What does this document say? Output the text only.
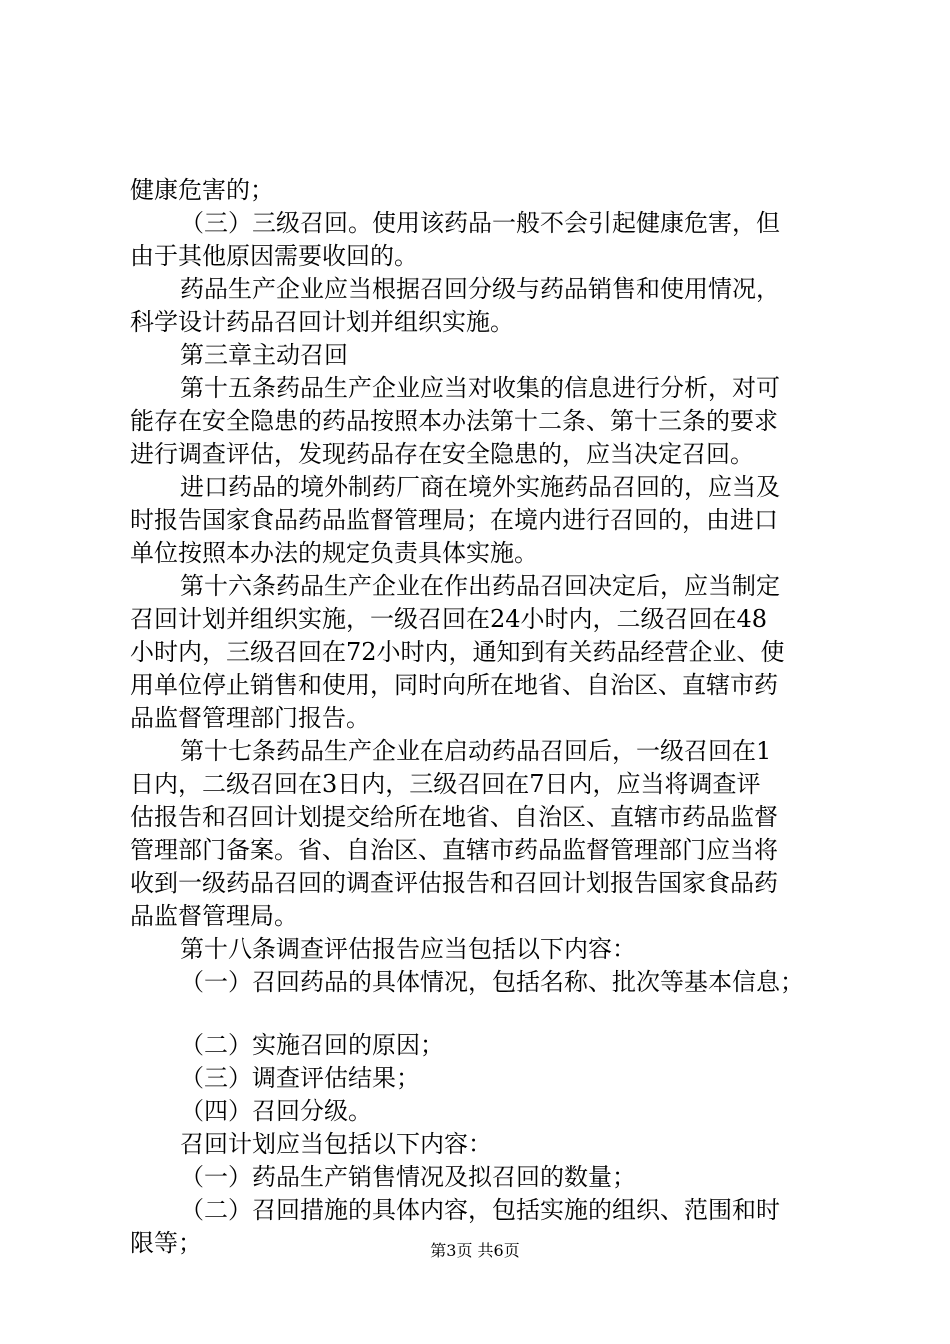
健康危害的；
（三）三级召回。使用该药品一般不会引起健康危害，但
由于其他原因需要收回的。
药品生产企业应当根据召回分级与药品销售和使用情况，
科学设计药品召回计划并组织实施。
第三章主动召回
第十五条药品生产企业应当对收集的信息进行分析，对可
能存在安全隐患的药品按照本办法第十二条、第十三条的要求
进行调查评估，发现药品存在安全隐患的，应当决定召回。
进口药品的境外制药厂商在境外实施药品召回的，应当及
时报告国家食品药品监督管理局；在境内进行召回的，由进口
单位按照本办法的规定负责具体实施。
第十六条药品生产企业在作出药品召回决定后，应当制定
召回计划并组织实施，一级召回在24小时内，二级召回在48
小时内，三级召回在72小时内，通知到有关药品经营企业、使
用单位停止销售和使用，同时向所在地省、自治区、直辖市药
品监督管理部门报告。
第十七条药品生产企业在启动药品召回后，一级召回在1
日内，二级召回在3日内，三级召回在7日内，应当将调查评
估报告和召回计划提交给所在地省、自治区、直辖市药品监督
管理部门备案。省、自治区、直辖市药品监督管理部门应当将
收到一级药品召回的调查评估报告和召回计划报告国家食品药
品监督管理局。
第十八条调查评估报告应当包括以下内容：
（一）召回药品的具体情况，包括名称、批次等基本信息；
（二）实施召回的原因；
（三）调查评估结果；
（四）召回分级。
召回计划应当包括以下内容：
（一）药品生产销售情况及拟召回的数量；
（二）召回措施的具体内容，包括实施的组织、范围和时
限等；	第3页 共6页
